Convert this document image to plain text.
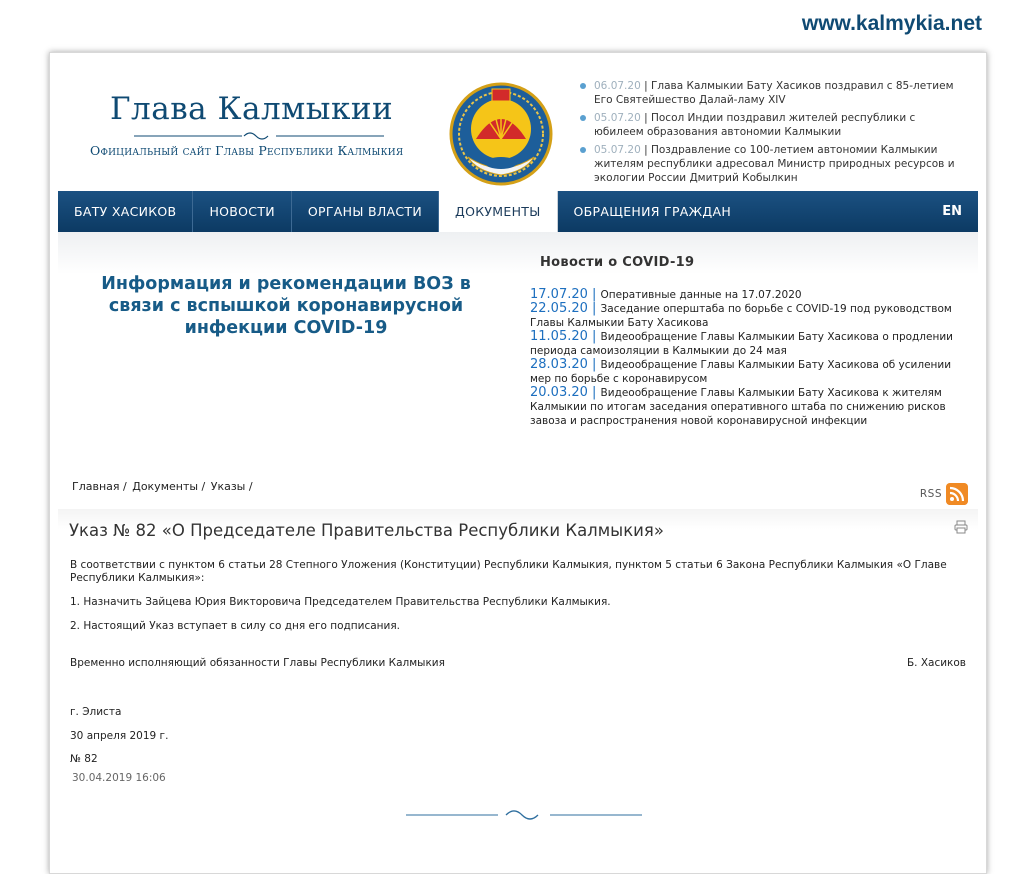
www.kalmykia.net
Глава Калмыкии
Официальный сайт Главы Республики Калмыкия
06.07.20 | Глава Калмыкии Бату Хасиков поздравил с 85-летием Его Святейшество Далай-ламу XIV
05.07.20 | Посол Индии поздравил жителей республики с юбилеем образования автономии Калмыкии
05.07.20 | Поздравление со 100-летием автономии Калмыкии жителям республики адресовал Министр природных ресурсов и экологии России Дмитрий Кобылкин
БАТУ ХАСИКОВ	НОВОСТИ	ОРГАНЫ ВЛАСТИ	ДОКУМЕНТЫ	ОБРАЩЕНИЯ ГРАЖДАН	EN
Информация и рекомендации ВОЗ в связи с вспышкой коронавирусной инфекции COVID-19
Новости о COVID-19
17.07.20 | Оперативные данные на 17.07.2020
22.05.20 | Заседание оперштаба по борьбе с COVID-19 под руководством Главы Калмыкии Бату Хасикова
11.05.20 | Видеообращение Главы Калмыкии Бату Хасикова о продлении периода самоизоляции в Калмыкии до 24 мая
28.03.20 | Видеообращение Главы Калмыкии Бату Хасикова об усилении мер по борьбе с коронавирусом
20.03.20 | Видеообращение Главы Калмыкии Бату Хасикова к жителям Калмыкии по итогам заседания оперативного штаба по снижению рисков завоза и распространения новой коронавирусной инфекции
Главная / Документы / Указы /
RSS
Указ № 82 «О Председателе Правительства Республики Калмыкия»
В соответствии с пунктом 6 статьи 28 Степного Уложения (Конституции) Республики Калмыкия, пунктом 5 статьи 6 Закона Республики Калмыкия «О Главе Республики Калмыкия»:
1. Назначить Зайцева Юрия Викторовича Председателем Правительства Республики Калмыкия.
2. Настоящий Указ вступает в силу со дня его подписания.
Временно исполняющий обязанности Главы Республики Калмыкия	Б. Хасиков
г. Элиста
30 апреля 2019 г.
№ 82
30.04.2019 16:06
